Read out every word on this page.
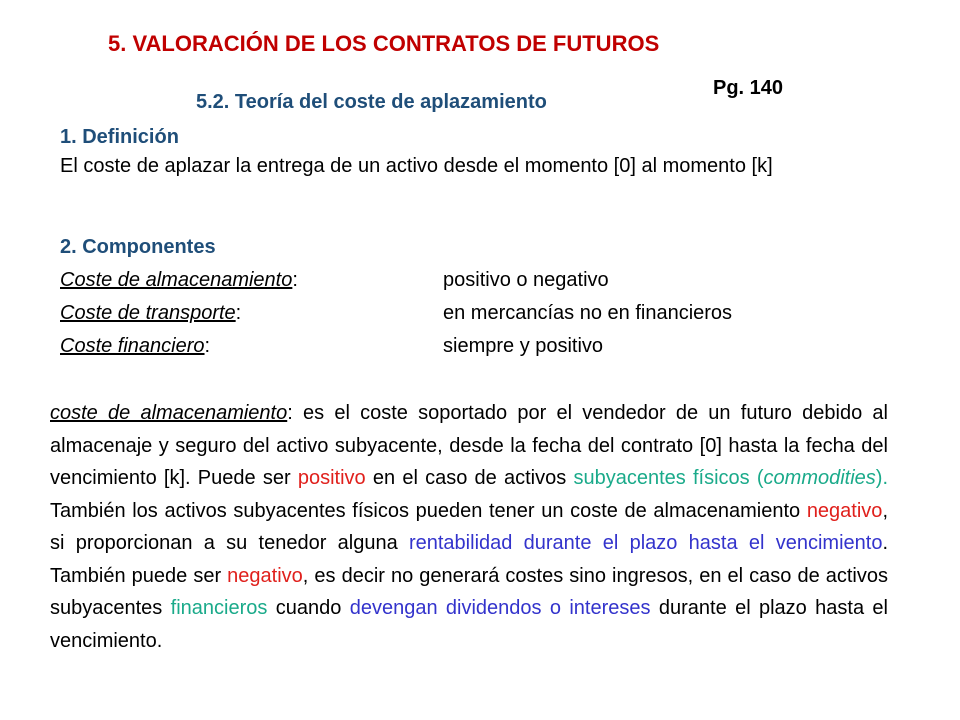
5. VALORACIÓN DE LOS CONTRATOS DE FUTUROS
Pg. 140
5.2. Teoría del coste de aplazamiento
1. Definición
El coste de aplazar la entrega de un activo desde el momento [0] al momento [k]
2. Componentes
Coste de almacenamiento:	positivo o negativo
Coste de transporte:	en mercancías no en financieros
Coste financiero:	siempre y positivo
coste de almacenamiento: es el coste soportado por el vendedor de un futuro debido al almacenaje y seguro del activo subyacente, desde la fecha del contrato [0] hasta la fecha del vencimiento [k]. Puede ser positivo en el caso de activos subyacentes físicos (commodities). También los activos subyacentes físicos pueden tener un coste de almacenamiento negativo, si proporcionan a su tenedor alguna rentabilidad durante el plazo hasta el vencimiento. También puede ser negativo, es decir no generará costes sino ingresos, en el caso de activos subyacentes financieros cuando devengan dividendos o intereses durante el plazo hasta el vencimiento.
